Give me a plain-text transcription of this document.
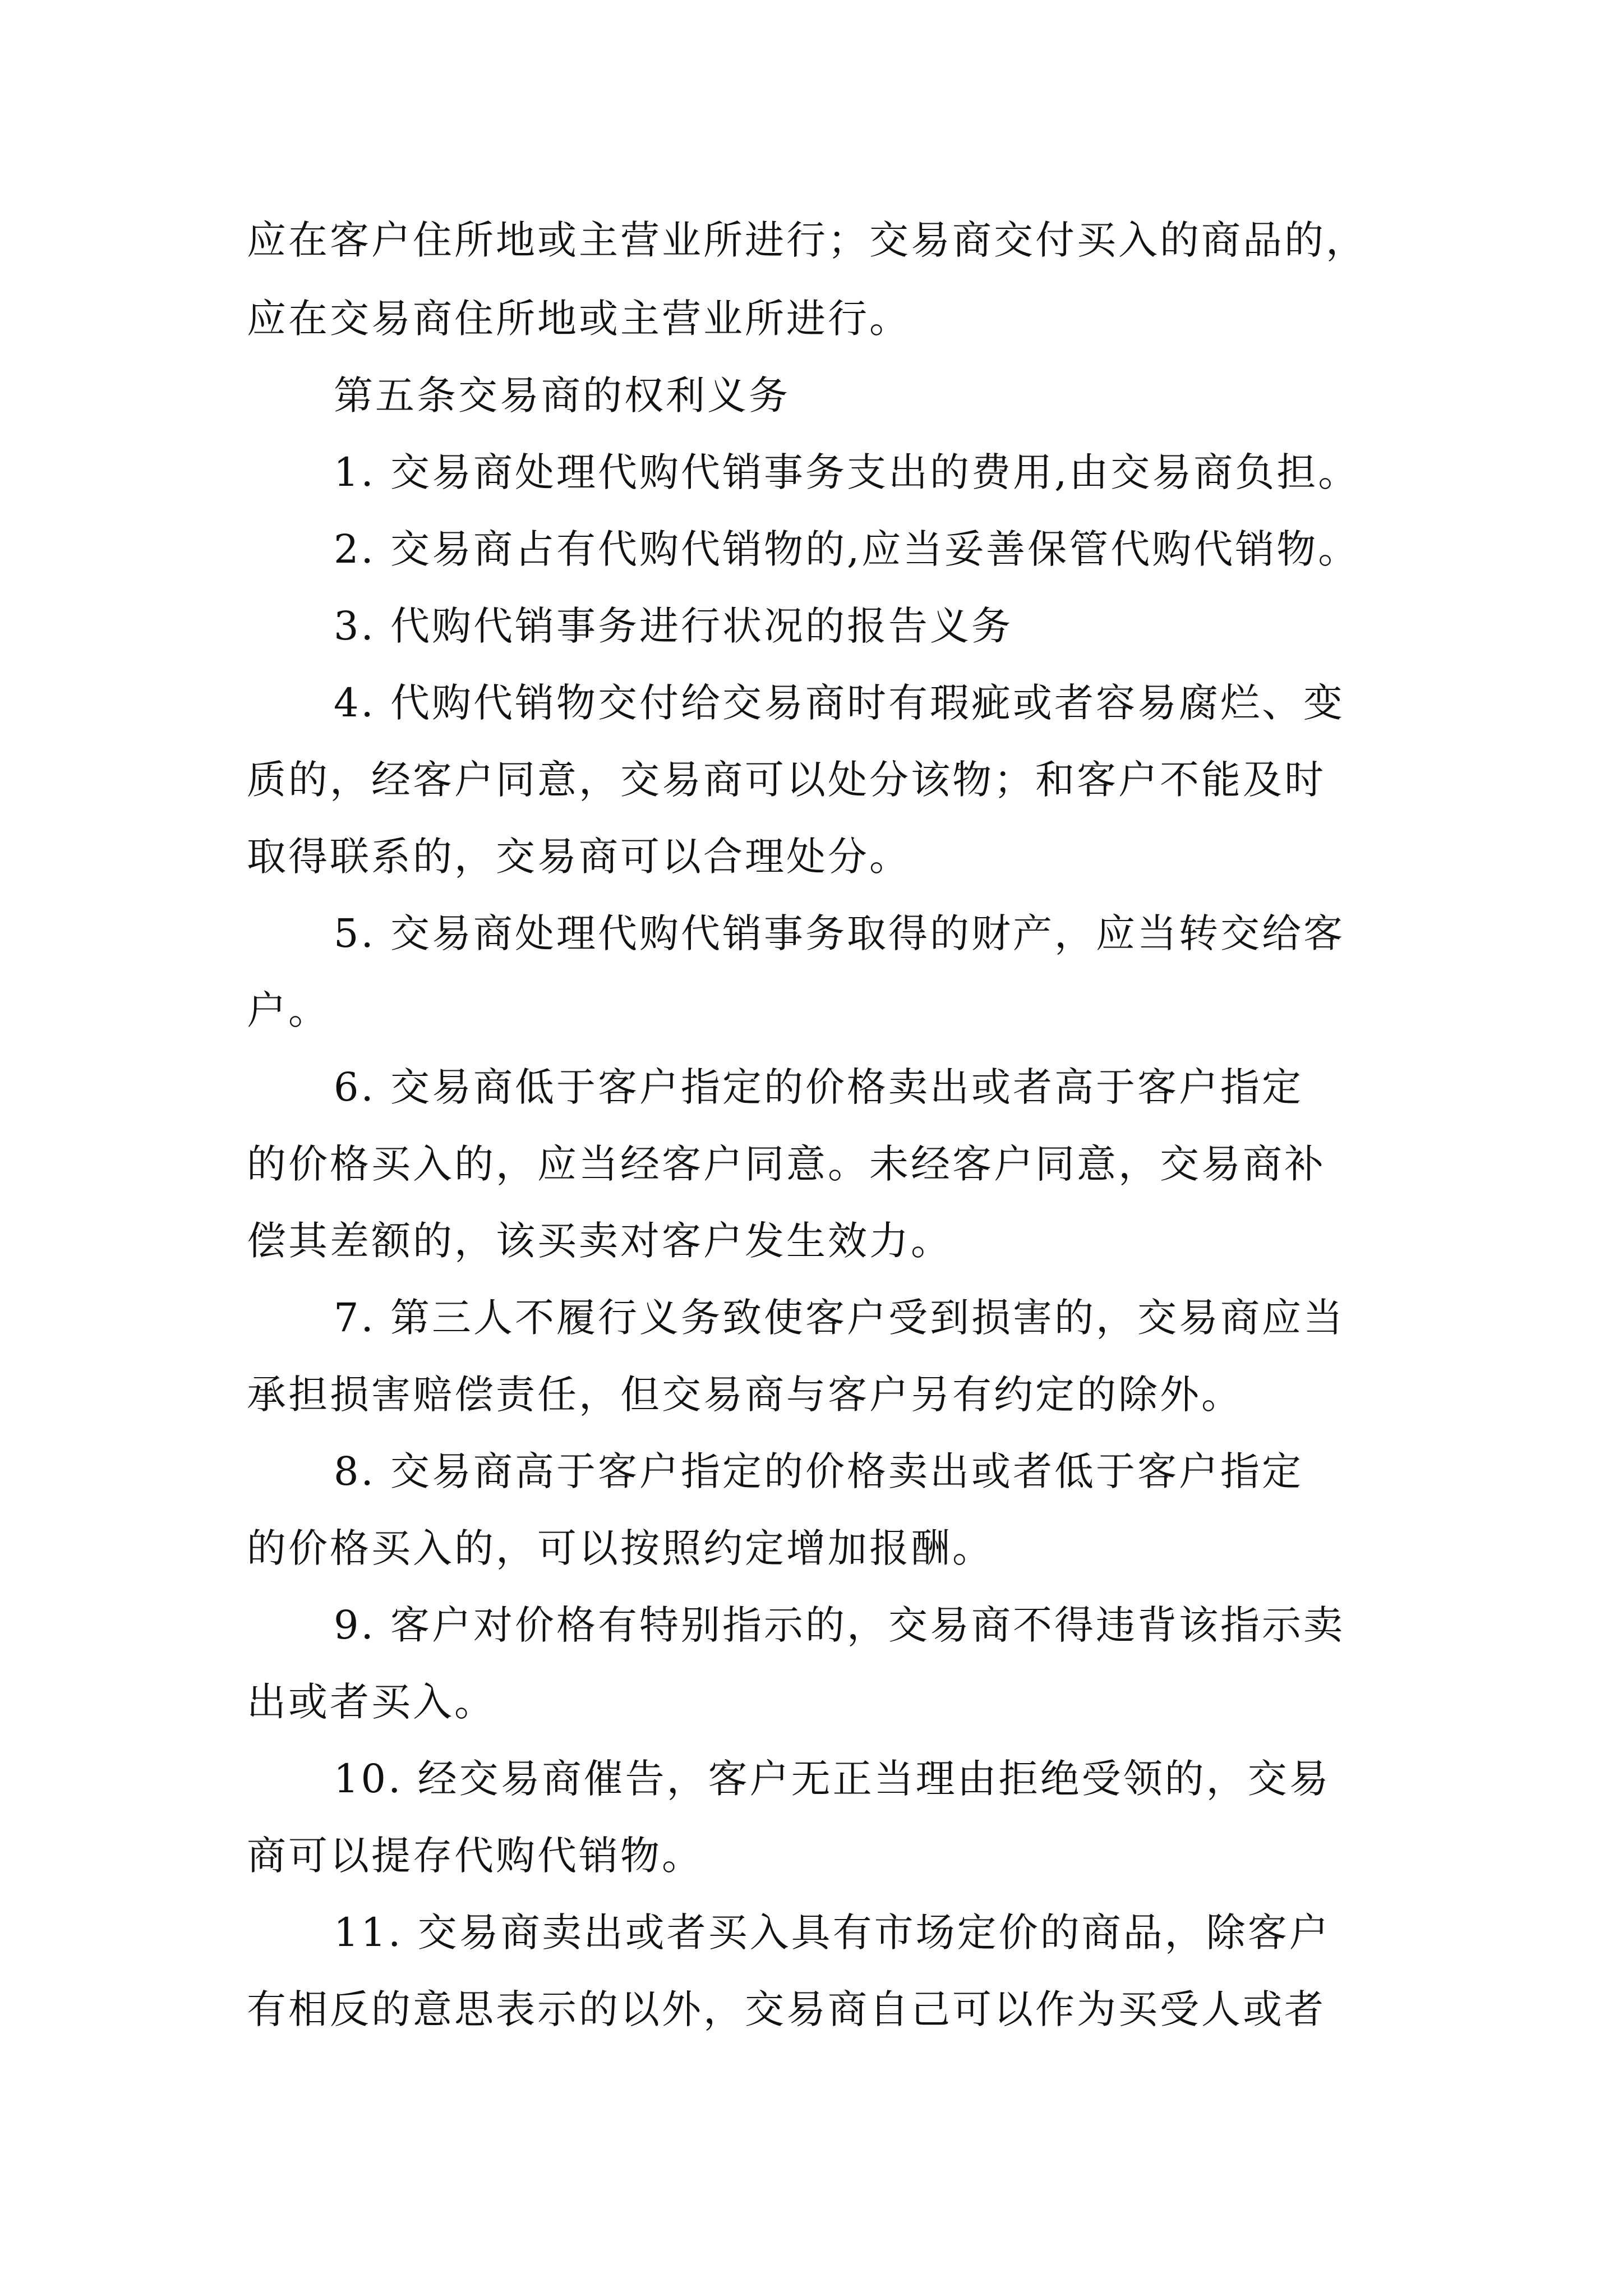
应在客户住所地或主营业所进行；交易商交付买入的商品的，

应在交易商住所地或主营业所进行。

第五条交易商的权利义务

1. 交易商处理代购代销事务支出的费用,由交易商负担。

2. 交易商占有代购代销物的,应当妥善保管代购代销物。

3. 代购代销事务进行状况的报告义务

4. 代购代销物交付给交易商时有瑕疵或者容易腐烂、变

质的，经客户同意，交易商可以处分该物；和客户不能及时

取得联系的，交易商可以合理处分。

5. 交易商处理代购代销事务取得的财产，应当转交给客

户。

6. 交易商低于客户指定的价格卖出或者高于客户指定

的价格买入的，应当经客户同意。未经客户同意，交易商补

偿其差额的，该买卖对客户发生效力。

7. 第三人不履行义务致使客户受到损害的，交易商应当

承担损害赔偿责任，但交易商与客户另有约定的除外。

8. 交易商高于客户指定的价格卖出或者低于客户指定

的价格买入的，可以按照约定增加报酬。

9. 客户对价格有特别指示的，交易商不得违背该指示卖

出或者买入。

10. 经交易商催告，客户无正当理由拒绝受领的，交易

商可以提存代购代销物。

11. 交易商卖出或者买入具有市场定价的商品，除客户

有相反的意思表示的以外，交易商自己可以作为买受人或者
